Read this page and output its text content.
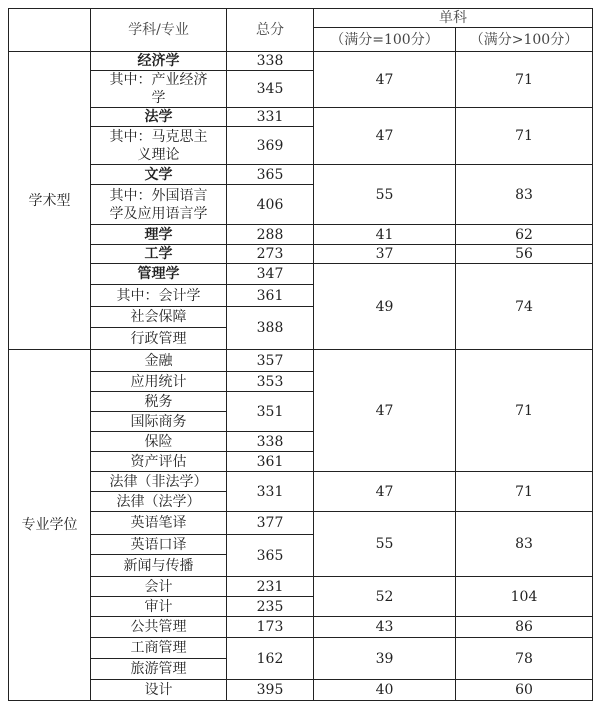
	学科/专业	总分	单科	
			（满分=100分）	（满分>100分）
学术型	经济学	338	47	71
	其中：产业经济学	345		
	法学	331	47	71
	其中：马克思主义理论	369		
	文学	365	55	83
	其中：外国语言学及应用语言学	406		
	理学	288	41	62
	工学	273	37	56
	管理学	347	49	74
	其中：会计学	361		
	社会保障	388		
	行政管理			
专业学位	金融	357	47	71
	应用统计	353		
	税务	351		
	国际商务			
	保险	338		
	资产评估	361		
	法律（非法学）	331	47	71
	法律（法学）			
	英语笔译	377	55	83
	英语口译	365		
	新闻与传播			
	会计	231	52	104
	审计	235		
	公共管理	173	43	86
	工商管理	162	39	78
	旅游管理			
	设计	395	40	60
